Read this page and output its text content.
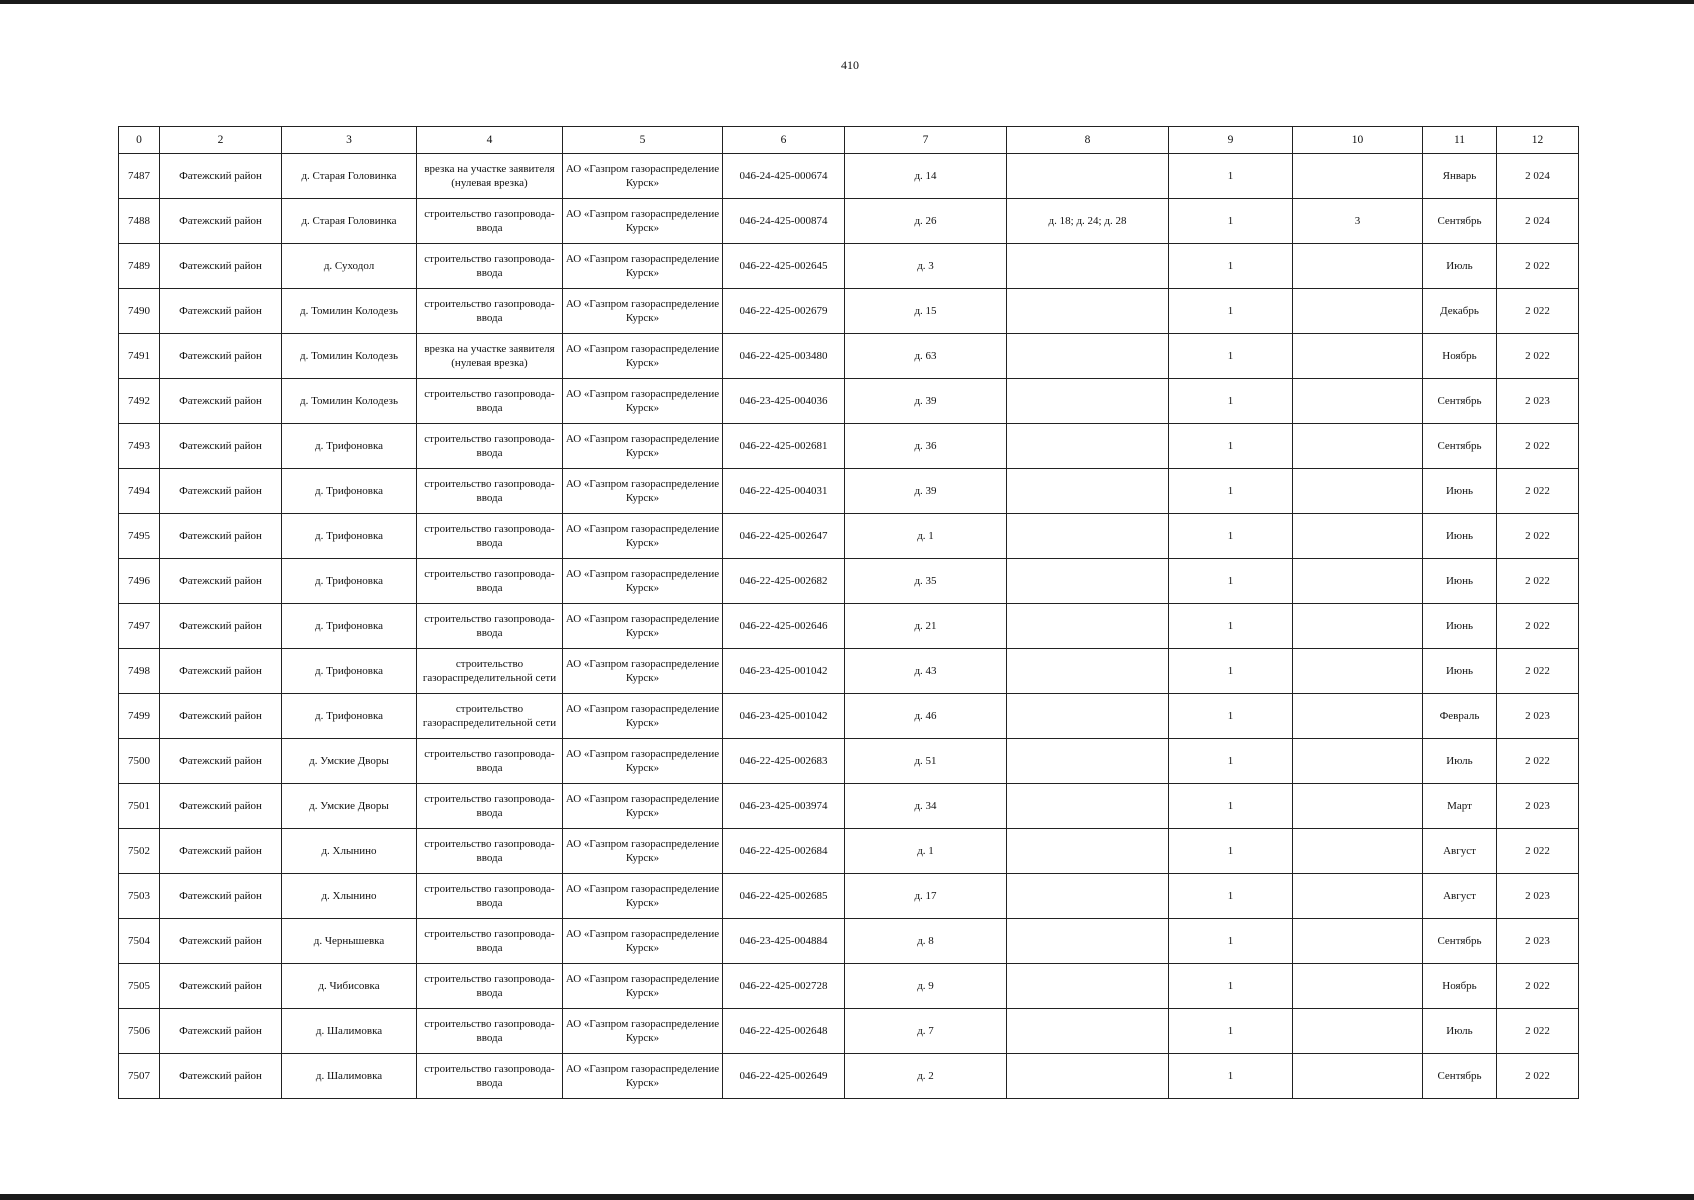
410
0	2	3	4	5	6	7	8	9	10	11	12
7487	Фатежский район	д. Старая Головинка	врезка на участке заявителя (нулевая врезка)	АО «Газпром газораспределение Курск»	046-24-425-000674	д. 14		1		Январь	2 024
7488	Фатежский район	д. Старая Головинка	строительство газопровода-ввода	АО «Газпром газораспределение Курск»	046-24-425-000874	д. 26	д. 18; д. 24; д. 28	1	3	Сентябрь	2 024
7489	Фатежский район	д. Суходол	строительство газопровода-ввода	АО «Газпром газораспределение Курск»	046-22-425-002645	д. 3		1		Июль	2 022
7490	Фатежский район	д. Томилин Колодезь	строительство газопровода-ввода	АО «Газпром газораспределение Курск»	046-22-425-002679	д. 15		1		Декабрь	2 022
7491	Фатежский район	д. Томилин Колодезь	врезка на участке заявителя (нулевая врезка)	АО «Газпром газораспределение Курск»	046-22-425-003480	д. 63		1		Ноябрь	2 022
7492	Фатежский район	д. Томилин Колодезь	строительство газопровода-ввода	АО «Газпром газораспределение Курск»	046-23-425-004036	д. 39		1		Сентябрь	2 023
7493	Фатежский район	д. Трифоновка	строительство газопровода-ввода	АО «Газпром газораспределение Курск»	046-22-425-002681	д. 36		1		Сентябрь	2 022
7494	Фатежский район	д. Трифоновка	строительство газопровода-ввода	АО «Газпром газораспределение Курск»	046-22-425-004031	д. 39		1		Июнь	2 022
7495	Фатежский район	д. Трифоновка	строительство газопровода-ввода	АО «Газпром газораспределение Курск»	046-22-425-002647	д. 1		1		Июнь	2 022
7496	Фатежский район	д. Трифоновка	строительство газопровода-ввода	АО «Газпром газораспределение Курск»	046-22-425-002682	д. 35		1		Июнь	2 022
7497	Фатежский район	д. Трифоновка	строительство газопровода-ввода	АО «Газпром газораспределение Курск»	046-22-425-002646	д. 21		1		Июнь	2 022
7498	Фатежский район	д. Трифоновка	строительство газораспределительной сети	АО «Газпром газораспределение Курск»	046-23-425-001042	д. 43		1		Июнь	2 022
7499	Фатежский район	д. Трифоновка	строительство газораспределительной сети	АО «Газпром газораспределение Курск»	046-23-425-001042	д. 46		1		Февраль	2 023
7500	Фатежский район	д. Умские Дворы	строительство газопровода-ввода	АО «Газпром газораспределение Курск»	046-22-425-002683	д. 51		1		Июль	2 022
7501	Фатежский район	д. Умские Дворы	строительство газопровода-ввода	АО «Газпром газораспределение Курск»	046-23-425-003974	д. 34		1		Март	2 023
7502	Фатежский район	д. Хлынино	строительство газопровода-ввода	АО «Газпром газораспределение Курск»	046-22-425-002684	д. 1		1		Август	2 022
7503	Фатежский район	д. Хлынино	строительство газопровода-ввода	АО «Газпром газораспределение Курск»	046-22-425-002685	д. 17		1		Август	2 023
7504	Фатежский район	д. Чернышевка	строительство газопровода-ввода	АО «Газпром газораспределение Курск»	046-23-425-004884	д. 8		1		Сентябрь	2 023
7505	Фатежский район	д. Чибисовка	строительство газопровода-ввода	АО «Газпром газораспределение Курск»	046-22-425-002728	д. 9		1		Ноябрь	2 022
7506	Фатежский район	д. Шалимовка	строительство газопровода-ввода	АО «Газпром газораспределение Курск»	046-22-425-002648	д. 7		1		Июль	2 022
7507	Фатежский район	д. Шалимовка	строительство газопровода-ввода	АО «Газпром газораспределение Курск»	046-22-425-002649	д. 2		1		Сентябрь	2 022
